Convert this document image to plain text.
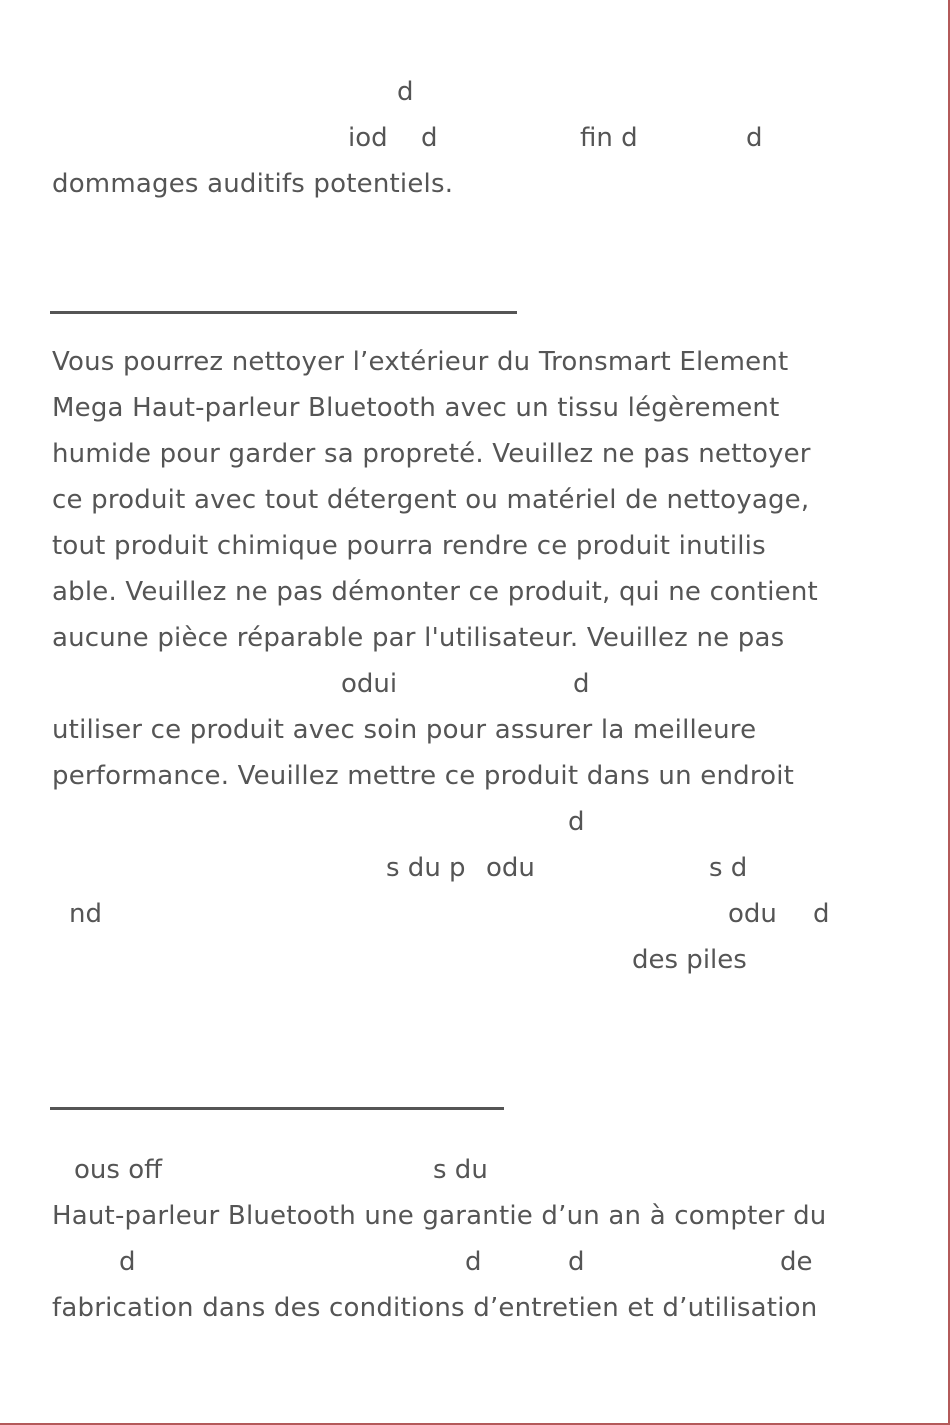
d
iod d	fin d	d
dommages auditifs potentiels.
Vous pourrez nettoyer l’extérieur du Tronsmart Element
Mega Haut-parleur Bluetooth avec un tissu légèrement
humide pour garder sa propreté. Veuillez ne pas nettoyer
ce produit avec tout détergent ou matériel de nettoyage,
tout produit chimique pourra rendre ce produit inutilis
able. Veuillez ne pas démonter ce produit, qui ne contient
aucune pièce réparable par l'utilisateur. Veuillez ne pas
odui	d
utiliser ce produit avec soin pour assurer la meilleure
performance. Veuillez mettre ce produit dans un endroit
d
s du p odu	s d
nd	odu d
des piles
ous off	s du
Haut-parleur Bluetooth une garantie d’un an à compter du
d	d	d	de
fabrication dans des conditions d’entretien et d’utilisation
